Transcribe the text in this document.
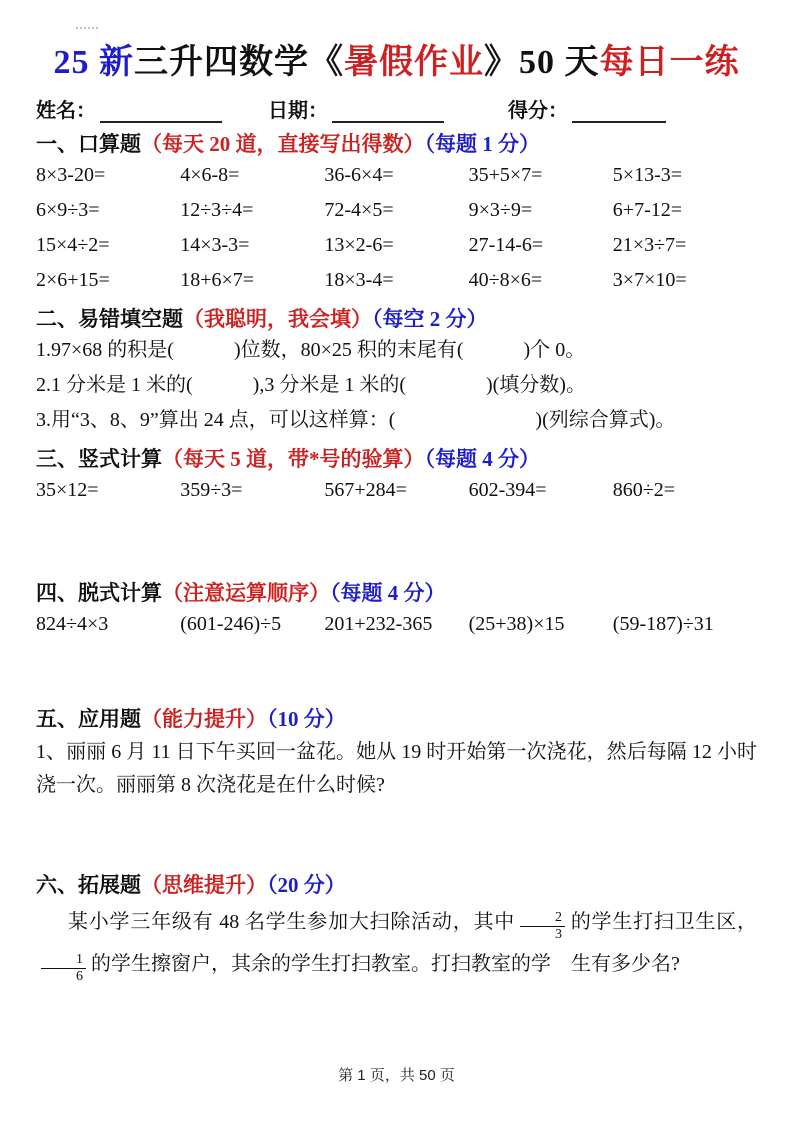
25 新三升四数学《暑假作业》50 天每日一练
姓名：	日期：	得分：
一、口算题（每天 20 道，直接写出得数）（每题 1 分）
8×3-20=	4×6-8=	36-6×4=	35+5×7=	5×13-3=
6×9÷3=	12÷3÷4=	72-4×5=	9×3÷9=	6+7-12=
15×4÷2=	14×3-3=	13×2-6=	27-14-6=	21×3÷7=
2×6+15=	18+6×7=	18×3-4=	40÷8×6=	3×7×10=
二、易错填空题（我聪明，我会填）（每空 2 分）
1.97×68 的积是(　　　)位数，80×25 积的末尾有(　　　)个 0。
2.1 分米是 1 米的(　　　),3 分米是 1 米的(　　　　)(填分数)。
3.用“3、8、9”算出 24 点，可以这样算：(　　　　　　　)(列综合算式)。
三、竖式计算（每天 5 道，带*号的验算）（每题 4 分）
35×12=	359÷3=	567+284=	602-394=	860÷2=
四、脱式计算（注意运算顺序）（每题 4 分）
824÷4×3	(601-246)÷5	201+232-365	(25+38)×15	(59-187)÷31
五、应用题（能力提升）（10 分）
1、丽丽 6 月 11 日下午买回一盆花。她从 19 时开始第一次浇花，然后每隔 12 小时浇一次。丽丽第 8 次浇花是在什么时候?
六、拓展题（思维提升）（20 分）
某小学三年级有 48 名学生参加大扫除活动，其中 $\frac{2}{3}$ 的学生打扫卫生区，
$\frac{1}{6}$ 的学生擦窗户，其余的学生打扫教室。打扫教室的学　生有多少名?
第 1 页，共 50 页
